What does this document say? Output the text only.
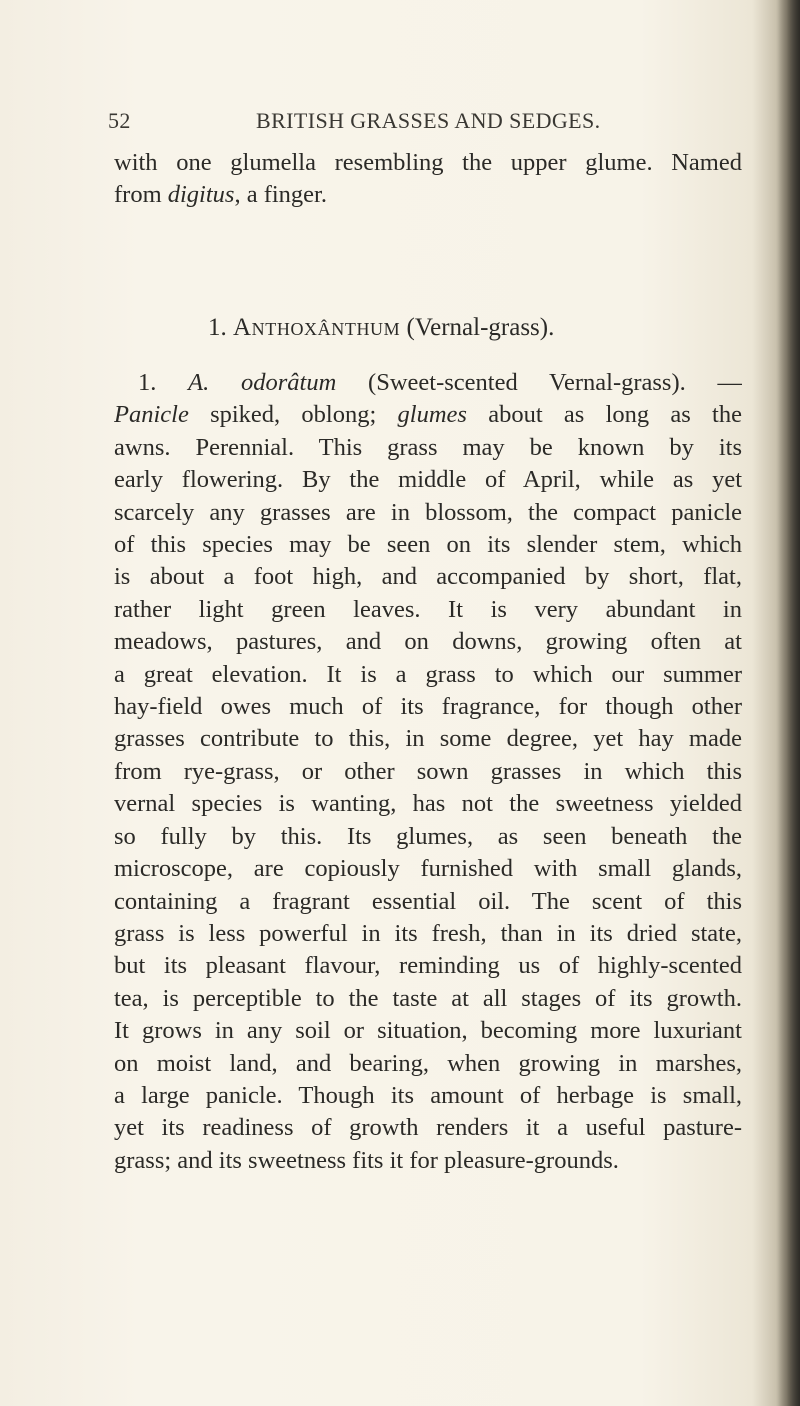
52	BRITISH GRASSES AND SEDGES.
with one glumella resembling the upper glume. Named
from digitus, a finger.
1. Anthoxânthum (Vernal-grass).
1. A. odorâtum (Sweet-scented Vernal-grass). —
Panicle spiked, oblong; glumes about as long as the
awns. Perennial. This grass may be known by its
early flowering. By the middle of April, while as yet
scarcely any grasses are in blossom, the compact panicle
of this species may be seen on its slender stem, which
is about a foot high, and accompanied by short, flat,
rather light green leaves. It is very abundant in
meadows, pastures, and on downs, growing often at
a great elevation. It is a grass to which our summer
hay-field owes much of its fragrance, for though other
grasses contribute to this, in some degree, yet hay made
from rye-grass, or other sown grasses in which this
vernal species is wanting, has not the sweetness yielded
so fully by this. Its glumes, as seen beneath the
microscope, are copiously furnished with small glands,
containing a fragrant essential oil. The scent of this
grass is less powerful in its fresh, than in its dried state,
but its pleasant flavour, reminding us of highly-scented
tea, is perceptible to the taste at all stages of its growth.
It grows in any soil or situation, becoming more luxuriant
on moist land, and bearing, when growing in marshes,
a large panicle. Though its amount of herbage is small,
yet its readiness of growth renders it a useful pasture-
grass; and its sweetness fits it for pleasure-grounds.
